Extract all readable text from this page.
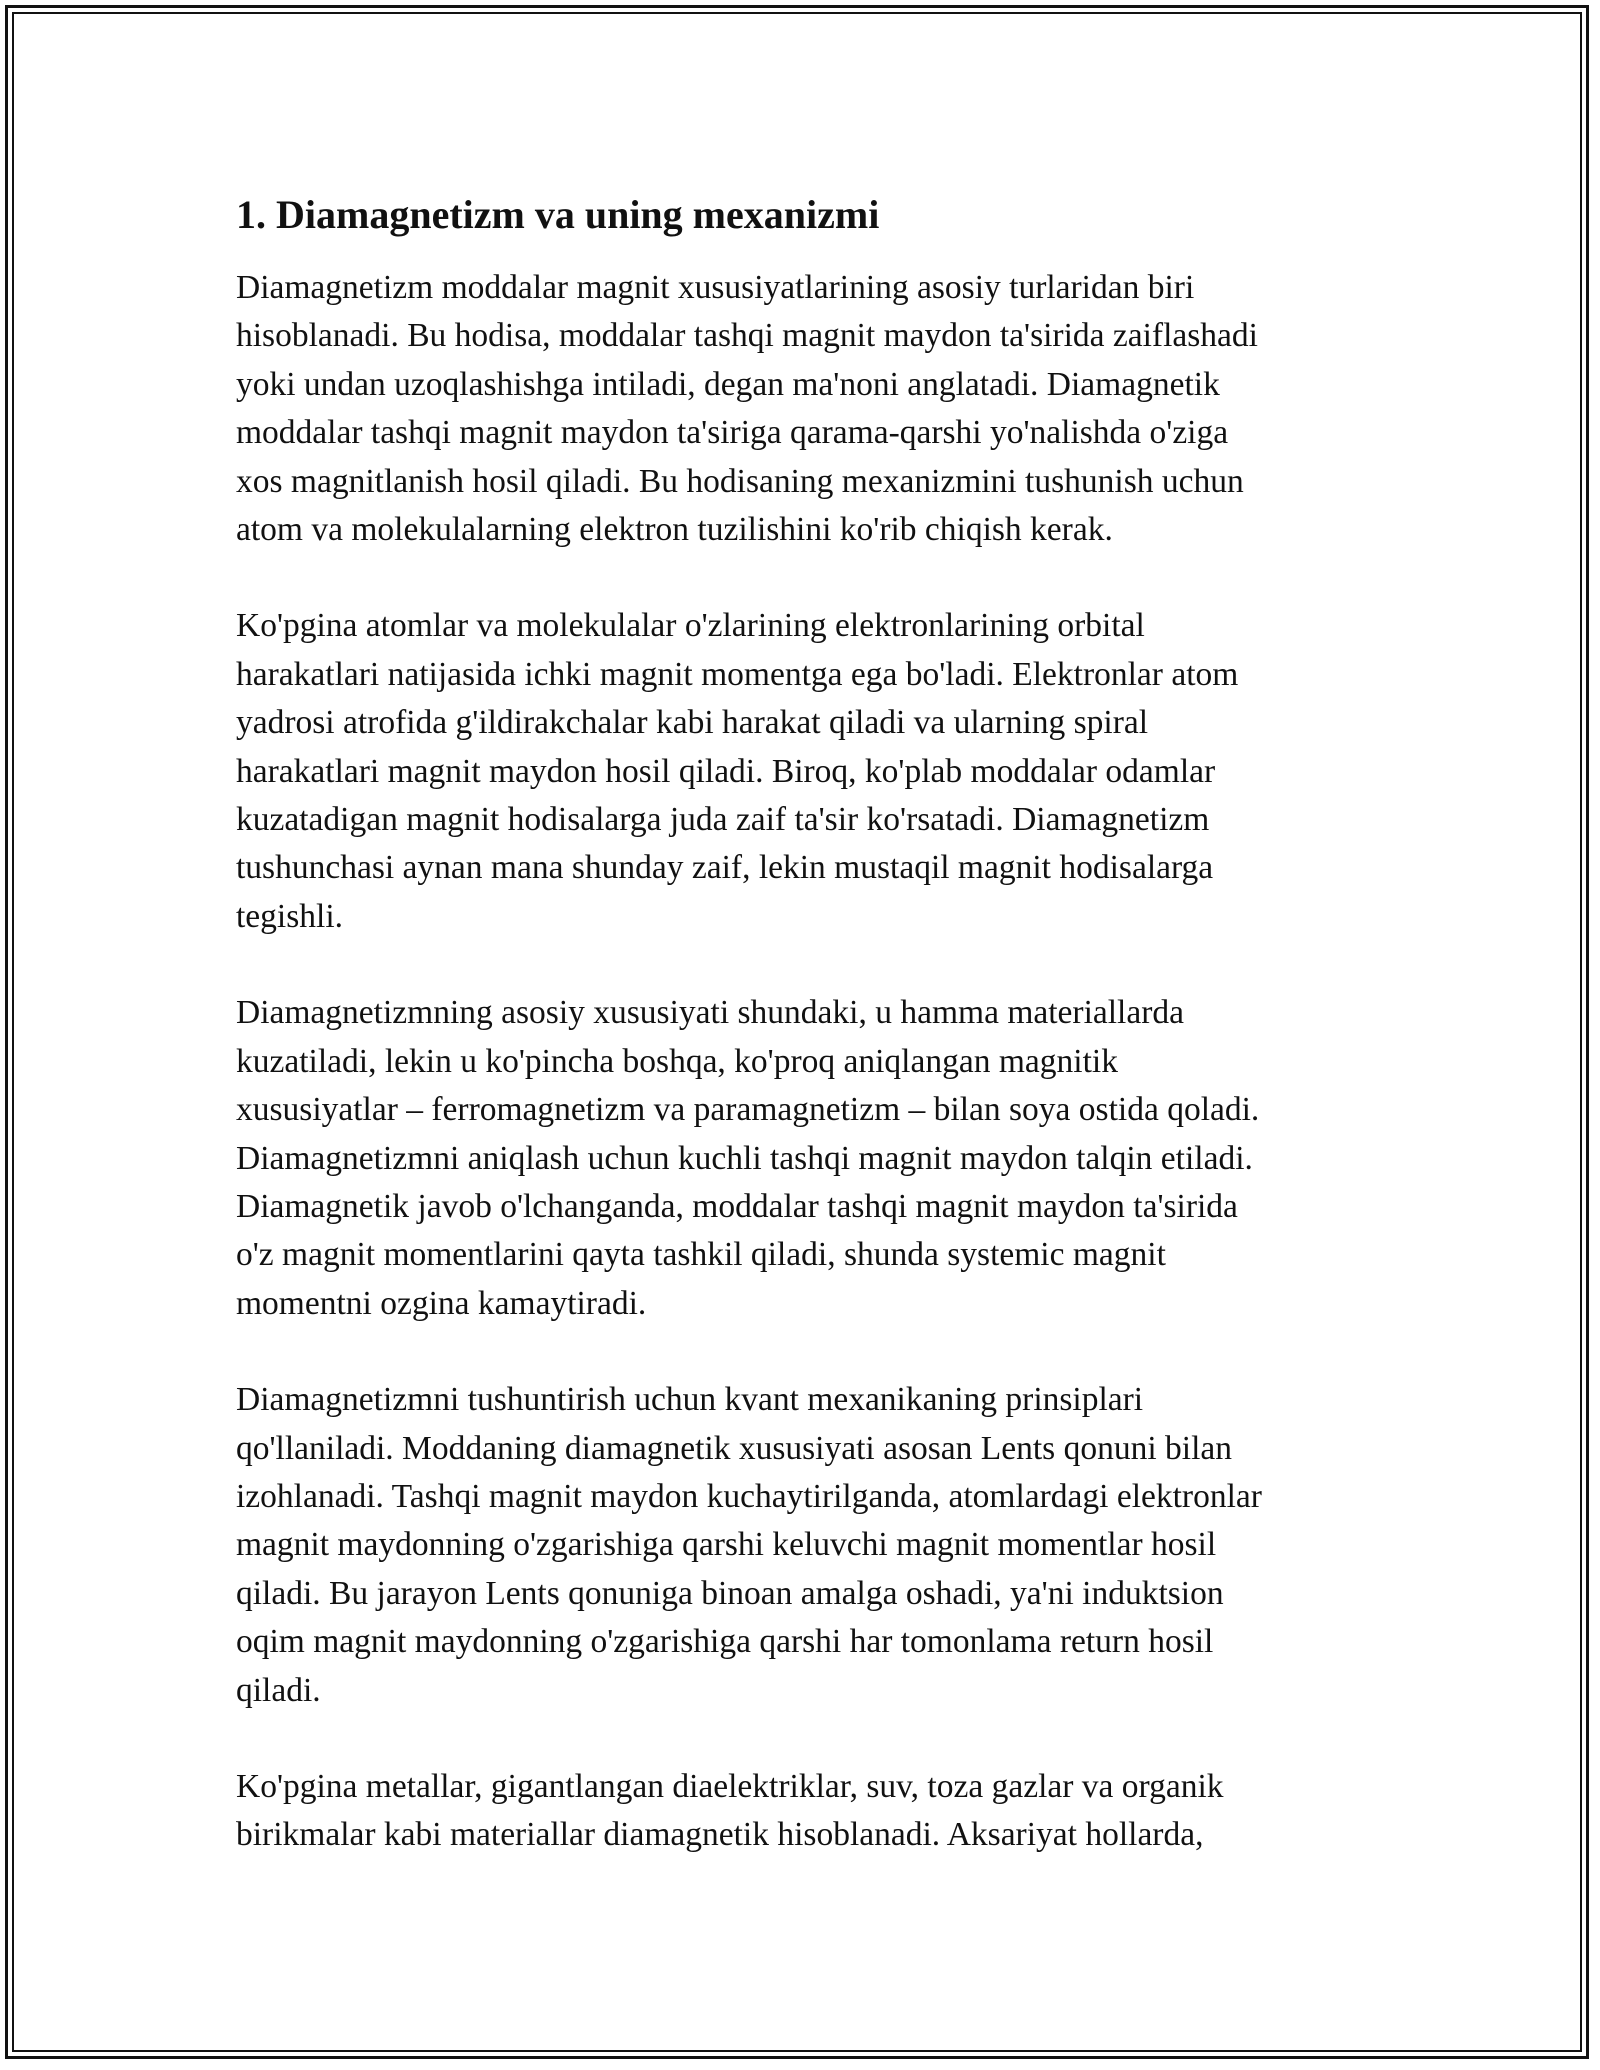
1. Diamagnetizm va uning mexanizmi

Diamagnetizm moddalar magnit xususiyatlarining asosiy turlaridan biri
hisoblanadi. Bu hodisa, moddalar tashqi magnit maydon ta'sirida zaiflashadi
yoki undan uzoqlashishga intiladi, degan ma'noni anglatadi. Diamagnetik
moddalar tashqi magnit maydon ta'siriga qarama-qarshi yo'nalishda o'ziga
xos magnitlanish hosil qiladi. Bu hodisaning mexanizmini tushunish uchun
atom va molekulalarning elektron tuzilishini ko'rib chiqish kerak.

Ko'pgina atomlar va molekulalar o'zlarining elektronlarining orbital
harakatlari natijasida ichki magnit momentga ega bo'ladi. Elektronlar atom
yadrosi atrofida g'ildirakchalar kabi harakat qiladi va ularning spiral
harakatlari magnit maydon hosil qiladi. Biroq, ko'plab moddalar odamlar
kuzatadigan magnit hodisalarga juda zaif ta'sir ko'rsatadi. Diamagnetizm
tushunchasi aynan mana shunday zaif, lekin mustaqil magnit hodisalarga
tegishli.

Diamagnetizmning asosiy xususiyati shundaki, u hamma materiallarda
kuzatiladi, lekin u ko'pincha boshqa, ko'proq aniqlangan magnitik
xususiyatlar – ferromagnetizm va paramagnetizm – bilan soya ostida qoladi.
Diamagnetizmni aniqlash uchun kuchli tashqi magnit maydon talqin etiladi.
Diamagnetik javob o'lchanganda, moddalar tashqi magnit maydon ta'sirida
o'z magnit momentlarini qayta tashkil qiladi, shunda systemic magnit
momentni ozgina kamaytiradi.

Diamagnetizmni tushuntirish uchun kvant mexanikaning prinsiplari
qo'llaniladi. Moddaning diamagnetik xususiyati asosan Lents qonuni bilan
izohlanadi. Tashqi magnit maydon kuchaytirilganda, atomlardagi elektronlar
magnit maydonning o'zgarishiga qarshi keluvchi magnit momentlar hosil
qiladi. Bu jarayon Lents qonuniga binoan amalga oshadi, ya'ni induktsion
oqim magnit maydonning o'zgarishiga qarshi har tomonlama return hosil
qiladi.

Ko'pgina metallar, gigantlangan diaelektriklar, suv, toza gazlar va organik
birikmalar kabi materiallar diamagnetik hisoblanadi. Aksariyat hollarda,
